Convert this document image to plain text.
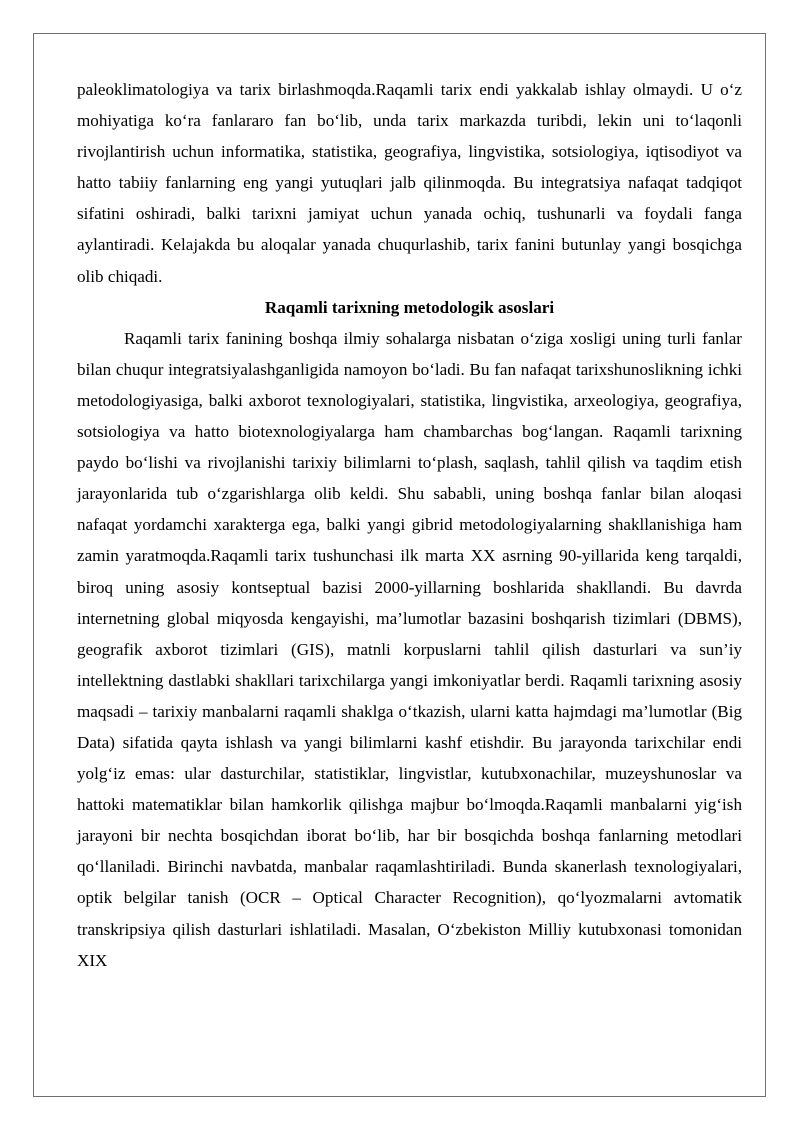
paleoklimatologiya va tarix birlashmoqda.Raqamli tarix endi yakkalab ishlay olmaydi. U o‘z mohiyatiga ko‘ra fanlararo fan bo‘lib, unda tarix markazda turibdi, lekin uni to‘laqonli rivojlantirish uchun informatika, statistika, geografiya, lingvistika, sotsiologiya, iqtisodiyot va hatto tabiiy fanlarning eng yangi yutuqlari jalb qilinmoqda. Bu integratsiya nafaqat tadqiqot sifatini oshiradi, balki tarixni jamiyat uchun yanada ochiq, tushunarli va foydali fanga aylantiradi. Kelajakda bu aloqalar yanada chuqurlashib, tarix fanini butunlay yangi bosqichga olib chiqadi.

Raqamli tarixning metodologik asoslari

Raqamli tarix fanining boshqa ilmiy sohalarga nisbatan o‘ziga xosligi uning turli fanlar bilan chuqur integratsiyalashganligida namoyon bo‘ladi. Bu fan nafaqat tarixshunoslikning ichki metodologiyasiga, balki axborot texnologiyalari, statistika, lingvistika, arxeologiya, geografiya, sotsiologiya va hatto biotexnologiyalarga ham chambarchas bog‘langan. Raqamli tarixning paydo bo‘lishi va rivojlanishi tarixiy bilimlarni to‘plash, saqlash, tahlil qilish va taqdim etish jarayonlarida tub o‘zgarishlarga olib keldi. Shu sababli, uning boshqa fanlar bilan aloqasi nafaqat yordamchi xarakterga ega, balki yangi gibrid metodologiyalarning shakllanishiga ham zamin yaratmoqda.Raqamli tarix tushunchasi ilk marta XX asrning 90-yillarida keng tarqaldi, biroq uning asosiy kontseptual bazisi 2000-yillarning boshlarida shakllandi. Bu davrda internetning global miqyosda kengayishi, ma’lumotlar bazasini boshqarish tizimlari (DBMS), geografik axborot tizimlari (GIS), matnli korpuslarni tahlil qilish dasturlari va sun’iy intellektning dastlabki shakllari tarixchilarga yangi imkoniyatlar berdi. Raqamli tarixning asosiy maqsadi – tarixiy manbalarni raqamli shaklga o‘tkazish, ularni katta hajmdagi ma’lumotlar (Big Data) sifatida qayta ishlash va yangi bilimlarni kashf etishdir. Bu jarayonda tarixchilar endi yolg‘iz emas: ular dasturchilar, statistiklar, lingvistlar, kutubxonachilar, muzeyshunoslar va hattoki matematiklar bilan hamkorlik qilishga majbur bo‘lmoqda.Raqamli manbalarni yig‘ish jarayoni bir nechta bosqichdan iborat bo‘lib, har bir bosqichda boshqa fanlarning metodlari qo‘llaniladi. Birinchi navbatda, manbalar raqamlashtiriladi. Bunda skanerlash texnologiyalari, optik belgilar tanish (OCR – Optical Character Recognition), qo‘lyozmalarni avtomatik transkripsiya qilish dasturlari ishlatiladi. Masalan, O‘zbekiston Milliy kutubxonasi tomonidan XIX
